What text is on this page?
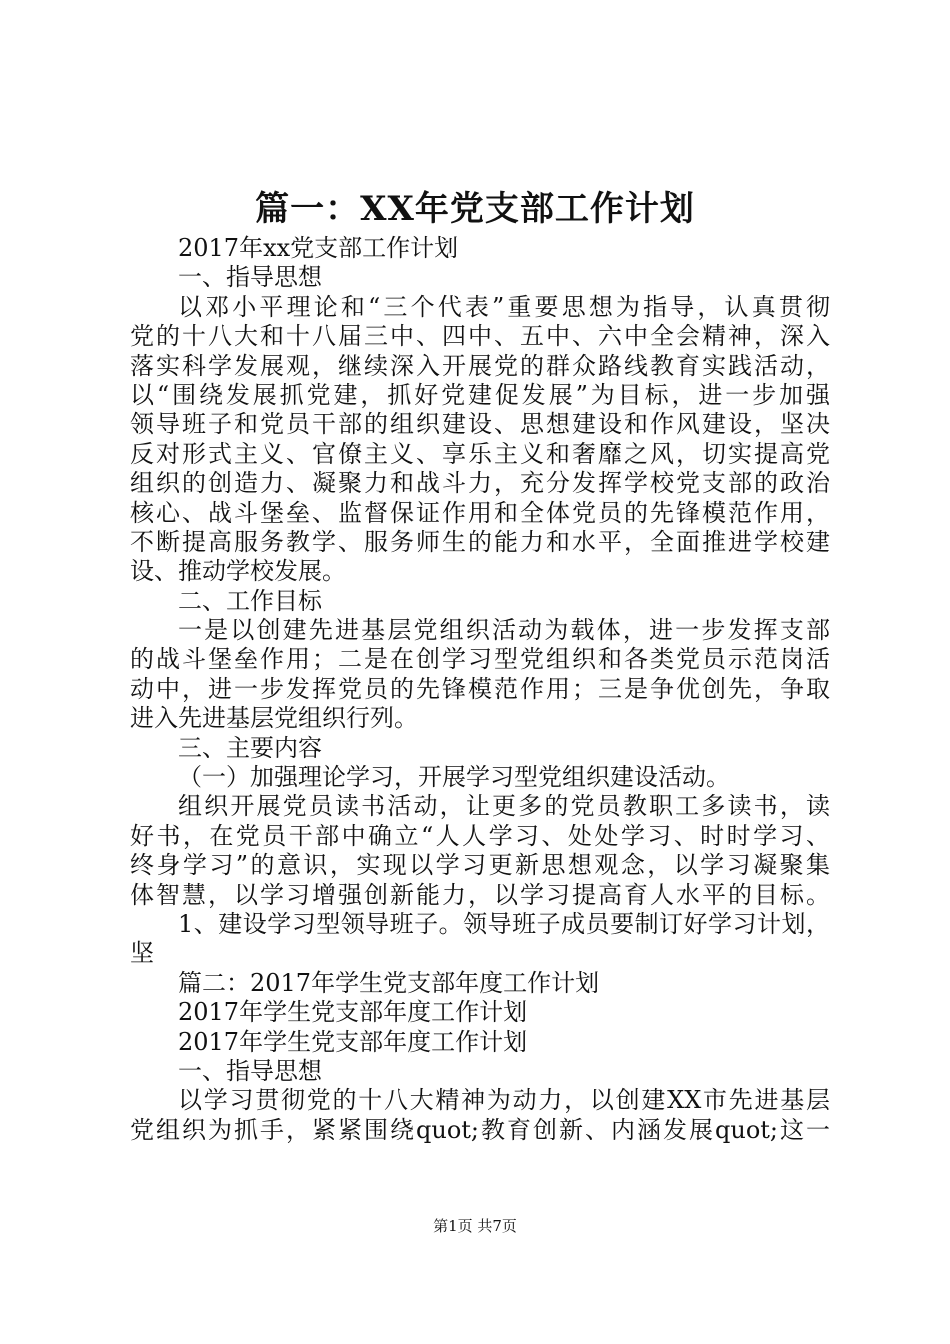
篇一：XX年党支部工作计划
2017年xx党支部工作计划
一、指导思想
以邓小平理论和“三个代表”重要思想为指导，认真贯彻
党的十八大和十八届三中、四中、五中、六中全会精神，深入
落实科学发展观，继续深入开展党的群众路线教育实践活动，
以“围绕发展抓党建，抓好党建促发展”为目标，进一步加强
领导班子和党员干部的组织建设、思想建设和作风建设，坚决
反对形式主义、官僚主义、享乐主义和奢靡之风，切实提高党
组织的创造力、凝聚力和战斗力，充分发挥学校党支部的政治
核心、战斗堡垒、监督保证作用和全体党员的先锋模范作用，
不断提高服务教学、服务师生的能力和水平，全面推进学校建
设、推动学校发展。
二、工作目标
一是以创建先进基层党组织活动为载体，进一步发挥支部
的战斗堡垒作用；二是在创学习型党组织和各类党员示范岗活
动中，进一步发挥党员的先锋模范作用；三是争优创先，争取
进入先进基层党组织行列。
三、主要内容
（一）加强理论学习，开展学习型党组织建设活动。
组织开展党员读书活动，让更多的党员教职工多读书，读
好书，在党员干部中确立“人人学习、处处学习、时时学习、
终身学习”的意识，实现以学习更新思想观念，以学习凝聚集
体智慧，以学习增强创新能力，以学习提高育人水平的目标。
1、建设学习型领导班子。领导班子成员要制订好学习计划，
坚
篇二：2017年学生党支部年度工作计划
2017年学生党支部年度工作计划
2017年学生党支部年度工作计划
一、指导思想
以学习贯彻党的十八大精神为动力，以创建XX市先进基层
党组织为抓手，紧紧围绕quot;教育创新、内涵发展quot;这一
第1页 共7页
